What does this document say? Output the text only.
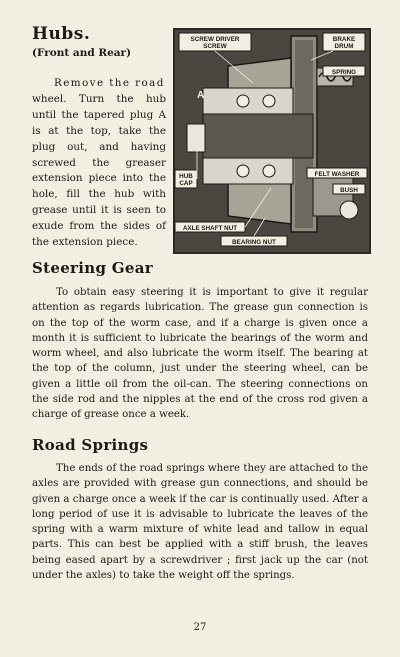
Hubs.
(Front and Rear)
Remove the road wheel. Turn the hub until the tapered plug A is at the top, take the plug out, and having screwed the greaser extension piece into the hole, fill the hub with grease until it is seen to exude from the sides of the extension piece.
SCREW DRIVER SCREW
BRAKE DRUM
SPRING
A
HUB CAP
FELT WASHER
BUSH
AXLE SHAFT NUT
BEARING NUT
Steering Gear
To obtain easy steering it is important to give it regular attention as regards lubrication. The grease gun connection is on the top of the worm case, and if a charge is given once a month it is sufficient to lubricate the bearings of the worm and worm wheel, and also lubricate the worm itself. The bearing at the top of the column, just under the steering wheel, can be given a little oil from the oil-can. The steering connections on the side rod and the nipples at the end of the cross rod given a charge of grease once a week.
Road Springs
The ends of the road springs where they are attached to the axles are provided with grease gun connections, and should be given a charge once a week if the car is continually used. After a long period of use it is advisable to lubricate the leaves of the spring with a warm mixture of white lead and tallow in equal parts. This can best be applied with a stiff brush, the leaves being eased apart by a screwdriver ; first jack up the car (not under the axles) to take the weight off the springs.
27
